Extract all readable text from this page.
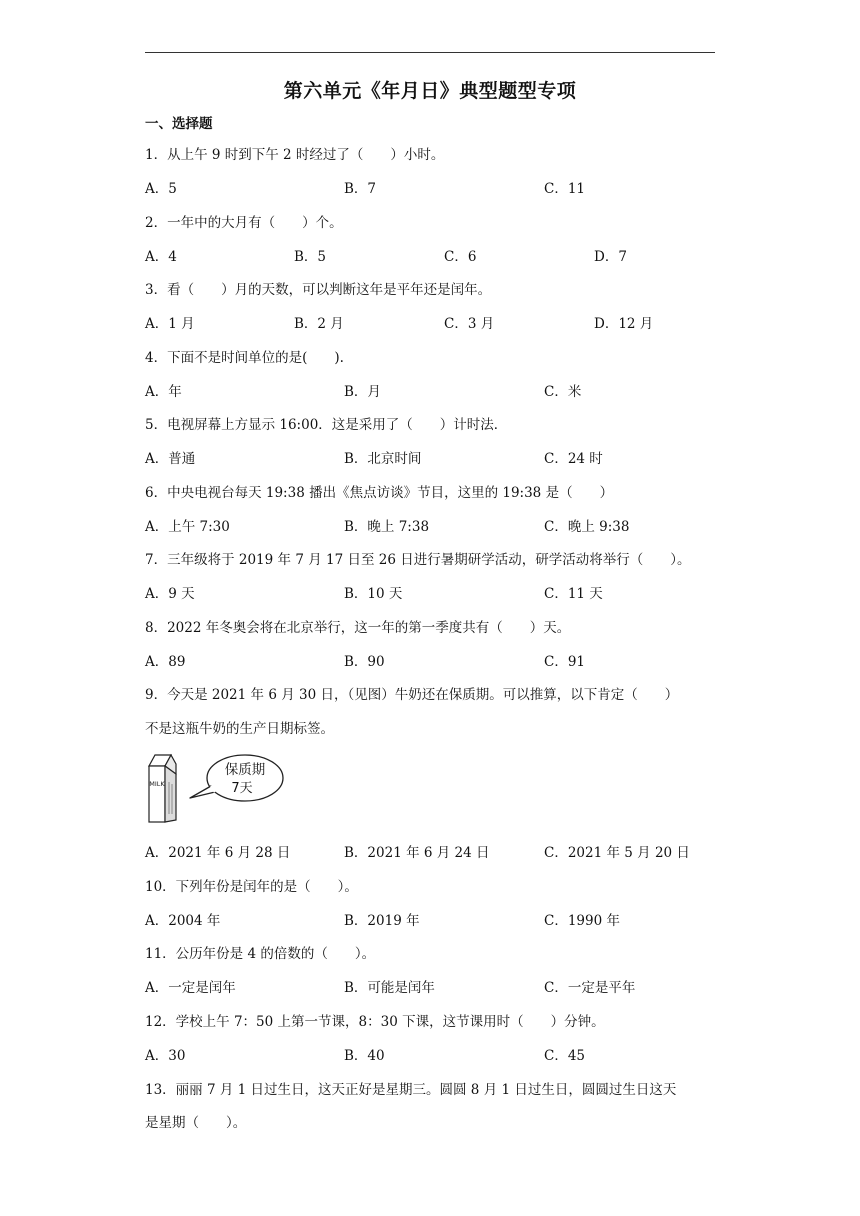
第六单元《年月日》典型题型专项
一、选择题
1．从上午 9 时到下午 2 时经过了（　　）小时。
A．5	B．7	C．11
2．一年中的大月有（　　）个。
A．4	B．5	C．6	D．7
3．看（　　）月的天数，可以判断这年是平年还是闰年。
A．1 月	B．2 月	C．3 月	D．12 月
4．下面不是时间单位的是(　　).
A．年	B．月	C．米
5．电视屏幕上方显示 16:00．这是采用了（　　）计时法．
A．普通	B．北京时间	C．24 时
6．中央电视台每天 19:38 播出《焦点访谈》节目，这里的 19:38 是（　　）
A．上午 7:30	B．晚上 7:38	C．晚上 9:38
7．三年级将于 2019 年 7 月 17 日至 26 日进行暑期研学活动，研学活动将举行（　　）。
A．9 天	B．10 天	C．11 天
8．2022 年冬奥会将在北京举行，这一年的第一季度共有（　　）天。
A．89	B．90	C．91
9．今天是 2021 年 6 月 30 日，（见图）牛奶还在保质期。可以推算，以下肯定（　　）
不是这瓶牛奶的生产日期标签。
MILK
保质期
7天
A．2021 年 6 月 28 日	B．2021 年 6 月 24 日	C．2021 年 5 月 20 日
10．下列年份是闰年的是（　　）。
A．2004 年	B．2019 年	C．1990 年
11．公历年份是 4 的倍数的（　　）。
A．一定是闰年	B．可能是闰年	C．一定是平年
12．学校上午 7：50 上第一节课，8：30 下课，这节课用时（　　）分钟。
A．30	B．40	C．45
13．丽丽 7 月 1 日过生日，这天正好是星期三。圆圆 8 月 1 日过生日，圆圆过生日这天
是星期（　　）。
